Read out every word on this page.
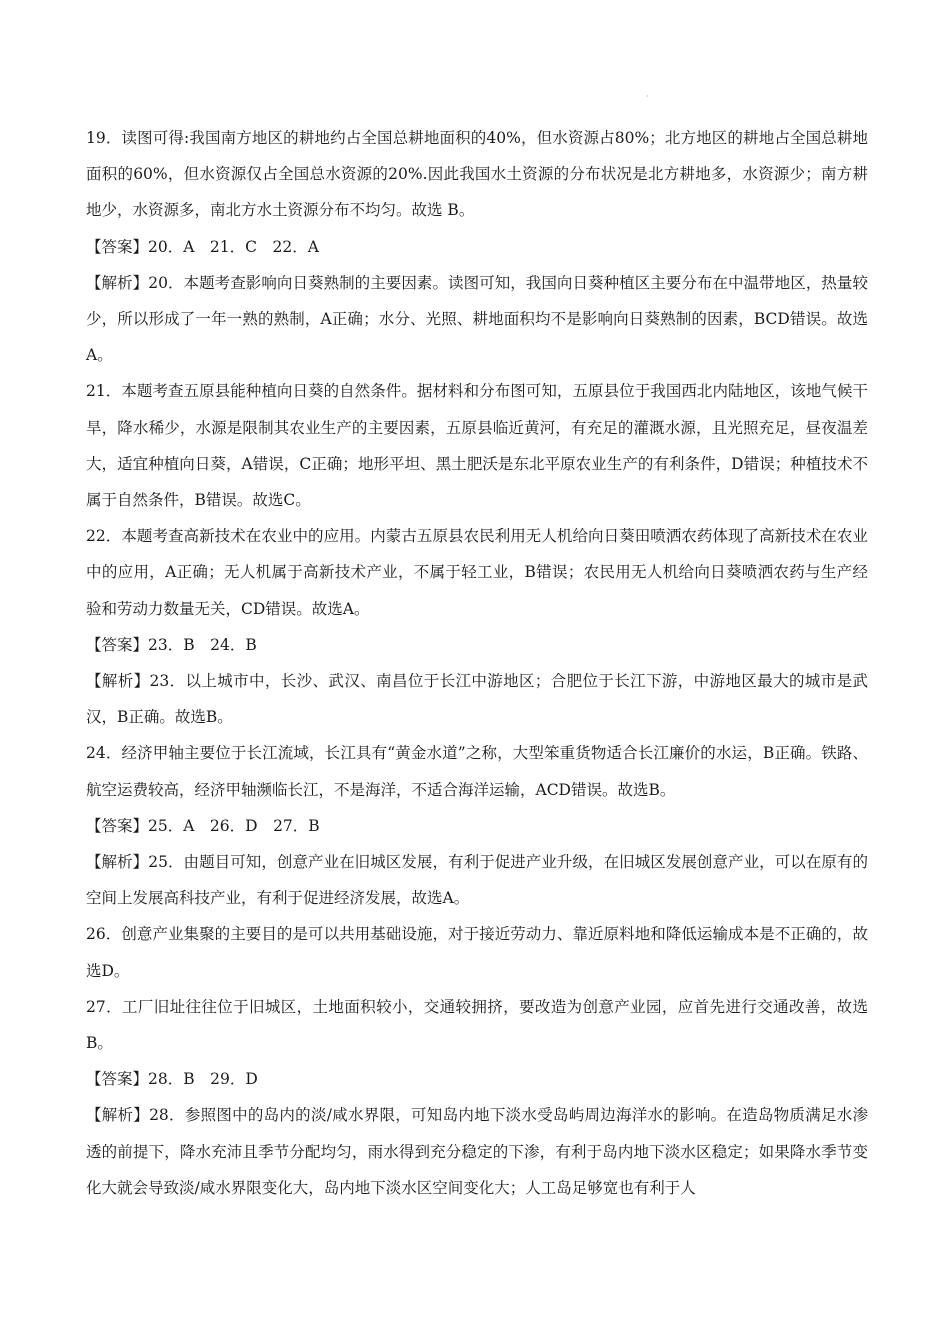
·

19．读图可得:我国南方地区的耕地约占全国总耕地面积的40%，但水资源占80%；北方地区的耕地占全国总耕地面积的60%，但水资源仅占全国总水资源的20%.因此我国水土资源的分布状况是北方耕地多，水资源少；南方耕地少，水资源多，南北方水土资源分布不均匀。故选 B。

【答案】20．A　21．C　22．A

【解析】20．本题考查影响向日葵熟制的主要因素。读图可知，我国向日葵种植区主要分布在中温带地区，热量较少，所以形成了一年一熟的熟制，A正确；水分、光照、耕地面积均不是影响向日葵熟制的因素，BCD错误。故选A。

21．本题考查五原县能种植向日葵的自然条件。据材料和分布图可知，五原县位于我国西北内陆地区，该地气候干旱，降水稀少，水源是限制其农业生产的主要因素，五原县临近黄河，有充足的灌溉水源，且光照充足，昼夜温差大，适宜种植向日葵，A错误，C正确；地形平坦、黑土肥沃是东北平原农业生产的有利条件，D错误；种植技术不属于自然条件，B错误。故选C。

22．本题考查高新技术在农业中的应用。内蒙古五原县农民利用无人机给向日葵田喷洒农药体现了高新技术在农业中的应用，A正确；无人机属于高新技术产业，不属于轻工业，B错误；农民用无人机给向日葵喷洒农药与生产经验和劳动力数量无关，CD错误。故选A。

【答案】23．B　24．B

【解析】23．以上城市中，长沙、武汉、南昌位于长江中游地区；合肥位于长江下游，中游地区最大的城市是武汉，B正确。故选B。

24．经济甲轴主要位于长江流域，长江具有“黄金水道”之称，大型笨重货物适合长江廉价的水运，B正确。铁路、航空运费较高，经济甲轴濒临长江，不是海洋，不适合海洋运输，ACD错误。故选B。

【答案】25．A　26．D　27．B

【解析】25．由题目可知，创意产业在旧城区发展，有利于促进产业升级，在旧城区发展创意产业，可以在原有的空间上发展高科技产业，有利于促进经济发展，故选A。

26．创意产业集聚的主要目的是可以共用基础设施，对于接近劳动力、靠近原料地和降低运输成本是不正确的，故选D。

27．工厂旧址往往位于旧城区，土地面积较小，交通较拥挤，要改造为创意产业园，应首先进行交通改善，故选B。

【答案】28．B　29．D

【解析】28．参照图中的岛内的淡/咸水界限，可知岛内地下淡水受岛屿周边海洋水的影响。在造岛物质满足水渗透的前提下，降水充沛且季节分配均匀，雨水得到充分稳定的下渗，有利于岛内地下淡水区稳定；如果降水季节变化大就会导致淡/咸水界限变化大，岛内地下淡水区空间变化大；人工岛足够宽也有利于人
